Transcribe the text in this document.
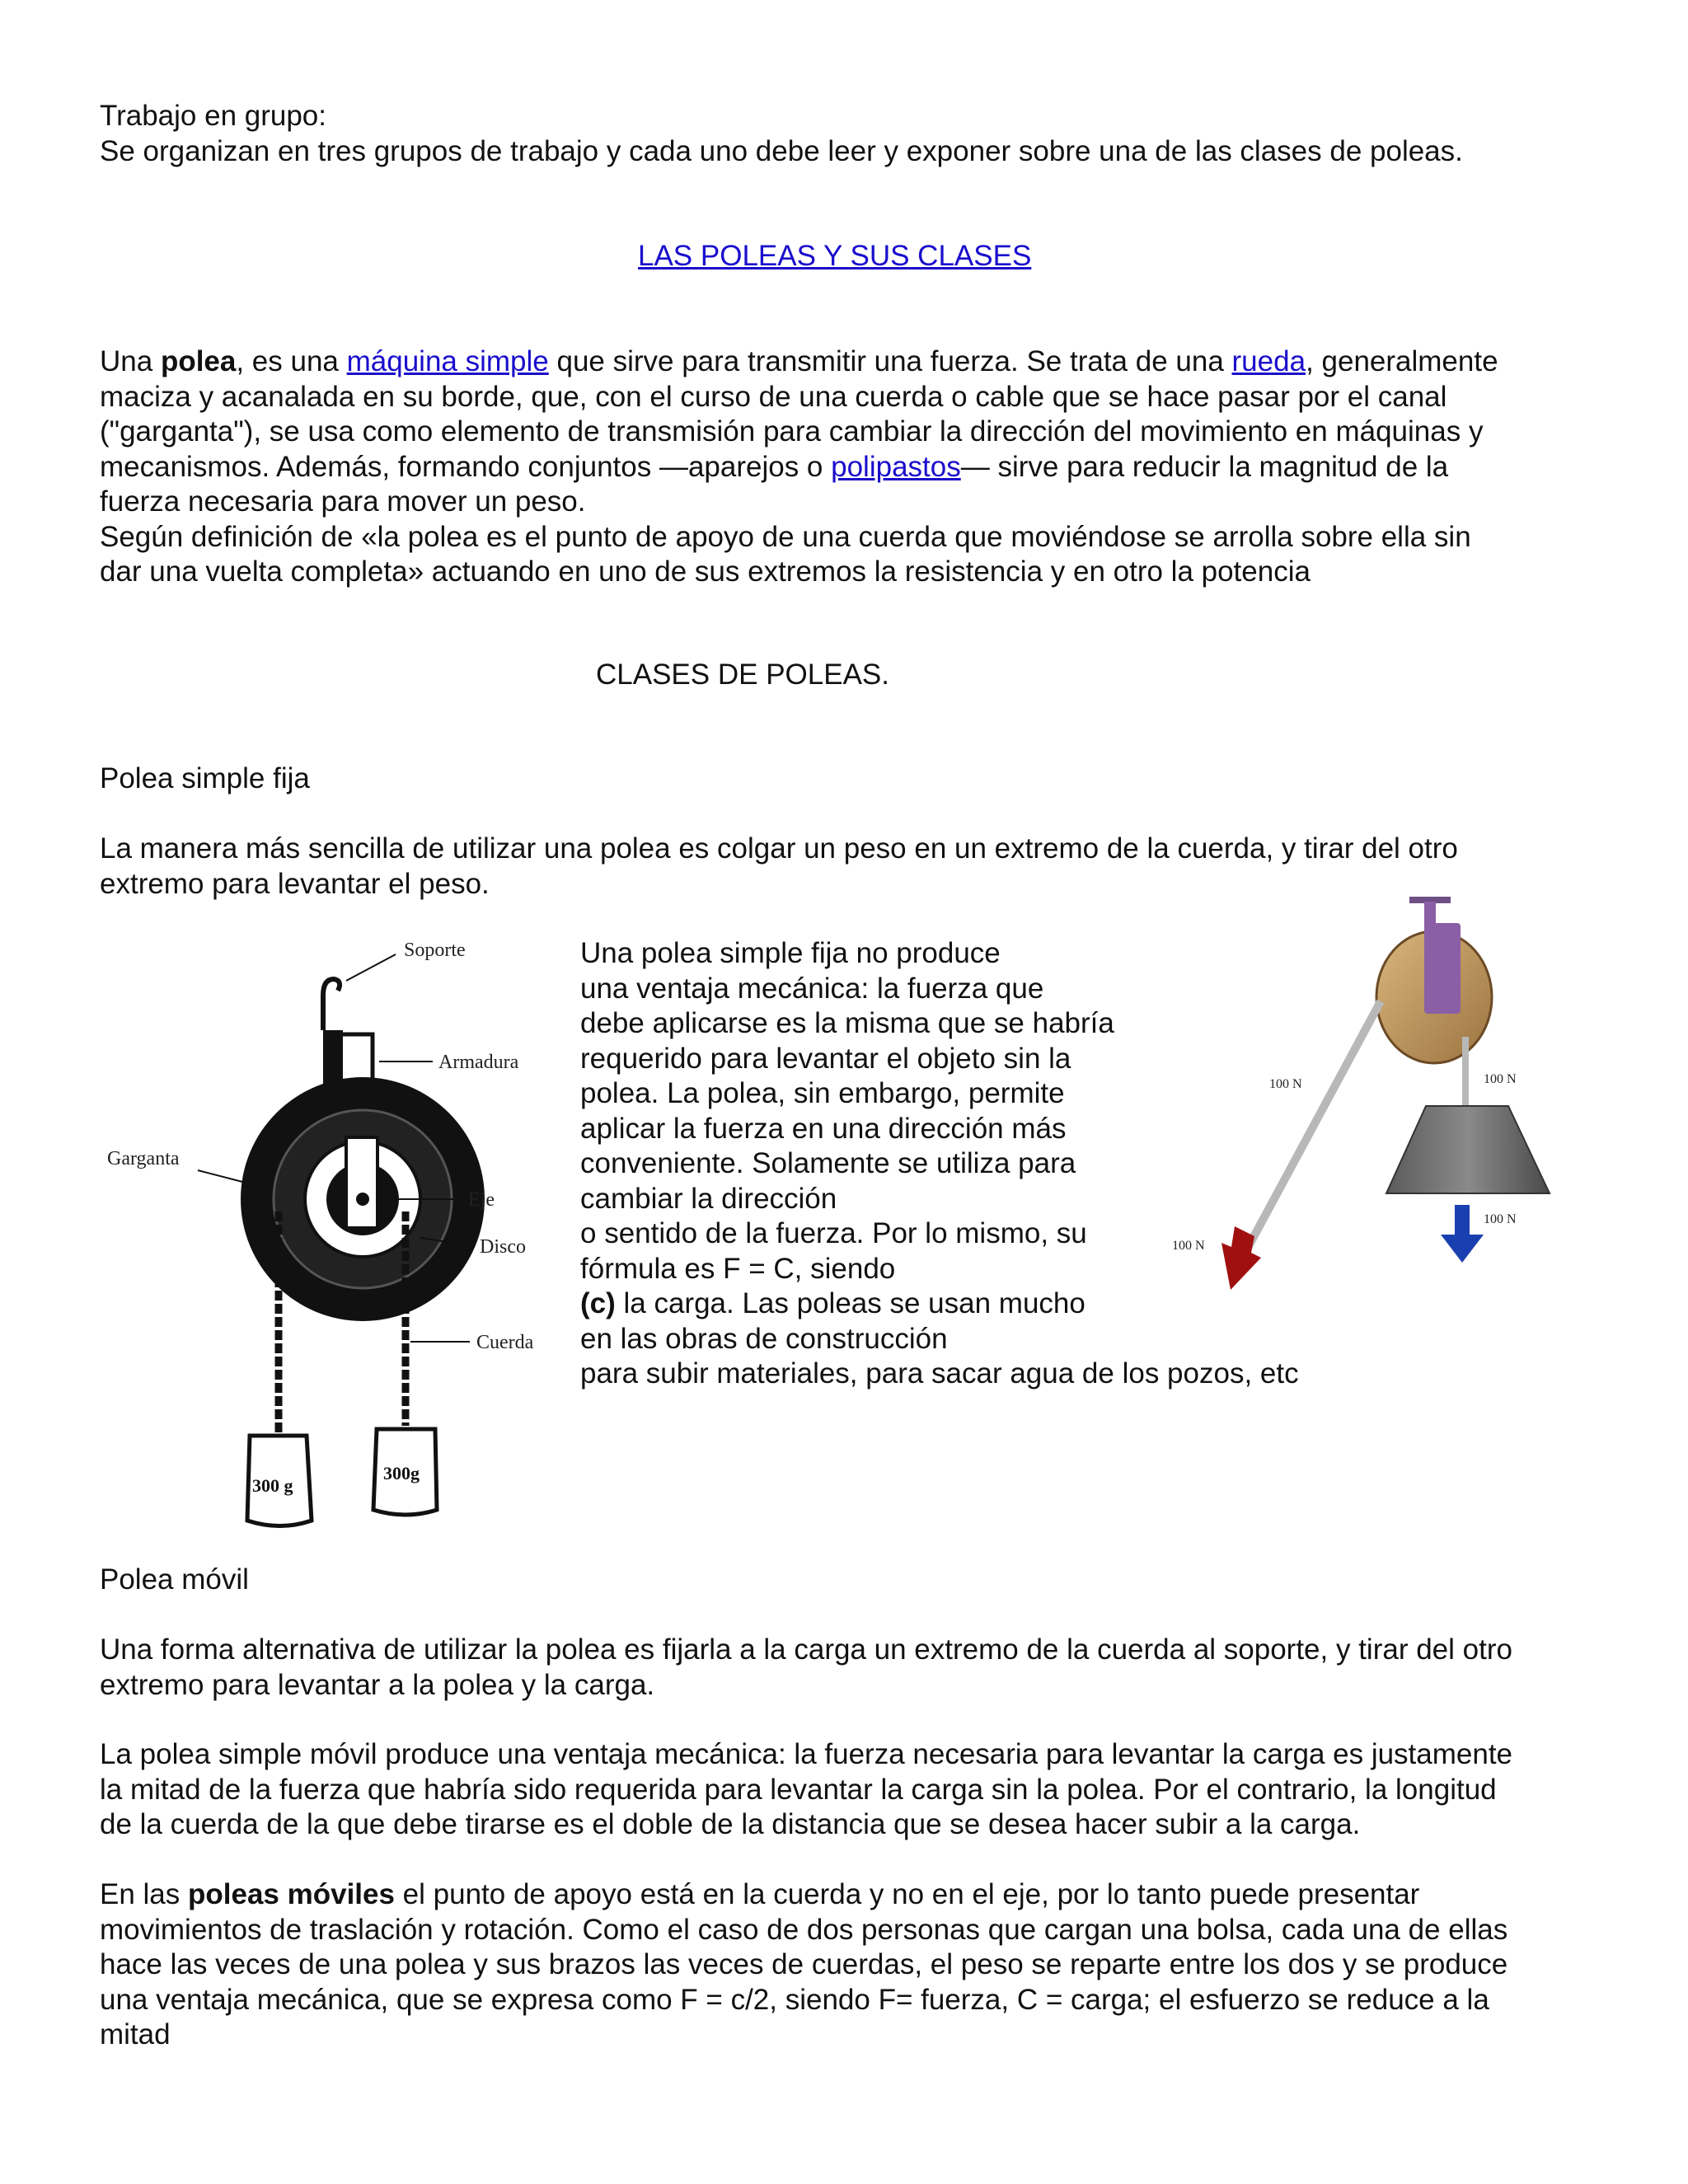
Trabajo en grupo:
Se organizan en tres grupos de trabajo y cada uno debe leer y exponer sobre una de las clases de poleas.
LAS POLEAS Y SUS CLASES
Una polea, es una máquina simple que sirve para transmitir una fuerza. Se trata de una rueda, generalmente
maciza y acanalada en su borde, que, con el curso de una cuerda o cable que se hace pasar por el canal
("garganta"), se usa como elemento de transmisión para cambiar la dirección del movimiento en máquinas y
mecanismos. Además, formando conjuntos —aparejos o polipastos— sirve para reducir la magnitud de la
fuerza necesaria para mover un peso.
Según definición de «la polea es el punto de apoyo de una cuerda que moviéndose se arrolla sobre ella sin
dar una vuelta completa» actuando en uno de sus extremos la resistencia y en otro la potencia
CLASES DE POLEAS.
Polea simple fija
La manera más sencilla de utilizar una polea es colgar un peso en un extremo de la cuerda, y tirar del otro
extremo para levantar el peso.
Una polea simple fija no produce
una ventaja mecánica: la fuerza que
debe aplicarse es la misma que se habría
requerido para levantar el objeto sin la
polea. La polea, sin embargo, permite
aplicar la fuerza en una dirección más
conveniente. Solamente se utiliza para
cambiar la dirección
o sentido de la fuerza. Por lo mismo, su
fórmula es F = C, siendo
(c) la carga. Las poleas se usan mucho
en las obras de construcción
para subir materiales, para sacar agua de los pozos, etc
Soporte
Armadura
Eje
Disco
Garganta
Cuerda
300 g
300g
100 N	100 N
100 N
100 N
Polea móvil
Una forma alternativa de utilizar la polea es fijarla a la carga un extremo de la cuerda al soporte, y tirar del otro
extremo para levantar a la polea y la carga.
La polea simple móvil produce una ventaja mecánica: la fuerza necesaria para levantar la carga es justamente
la mitad de la fuerza que habría sido requerida para levantar la carga sin la polea. Por el contrario, la longitud
de la cuerda de la que debe tirarse es el doble de la distancia que se desea hacer subir a la carga.
En las poleas móviles el punto de apoyo está en la cuerda y no en el eje, por lo tanto puede presentar
movimientos de traslación y rotación. Como el caso de dos personas que cargan una bolsa, cada una de ellas
hace las veces de una polea y sus brazos las veces de cuerdas, el peso se reparte entre los dos y se produce
una ventaja mecánica, que se expresa como F = c/2, siendo F= fuerza, C = carga; el esfuerzo se reduce a la
mitad
